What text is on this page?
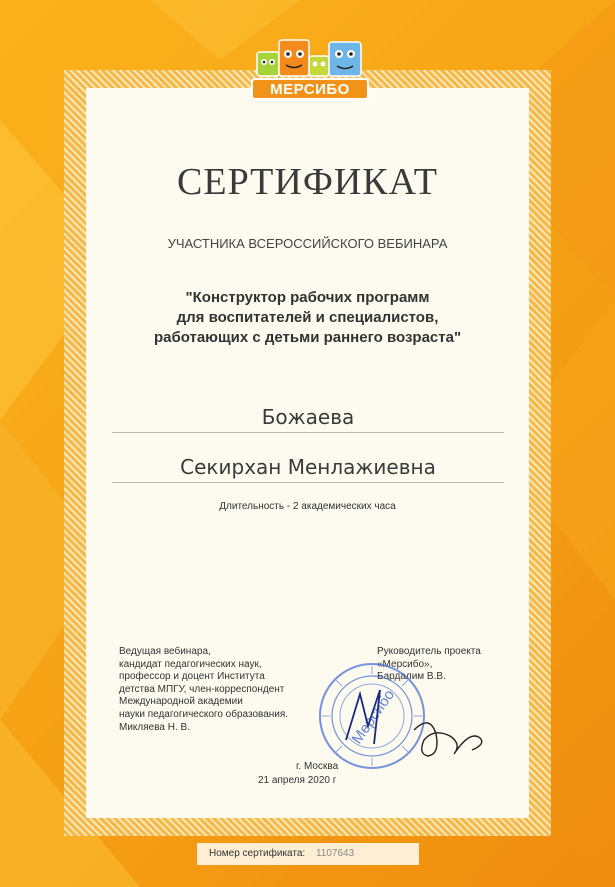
МЕРСИБО
СЕРТИФИКАТ
УЧАСТНИКА ВСЕРОССИЙСКОГО ВЕБИНАРА
"Конструктор рабочих программ
для воспитателей и специалистов,
работающих с детьми раннего возраста"
Божаева
Секирхан Менлажиевна
Длительность - 2 академических часа
Ведущая вебинара,
кандидат педагогических наук,
профессор и доцент Института
детства МПГУ, член-корреспондент
Международной академии
науки педагогического образования.
Микляева Н. В.
Руководитель проекта
«Мерсибо»,
Бардалим В.В.
Мерсибо
г. Москва
21 апреля 2020 г
Номер сертификата: 1107643
